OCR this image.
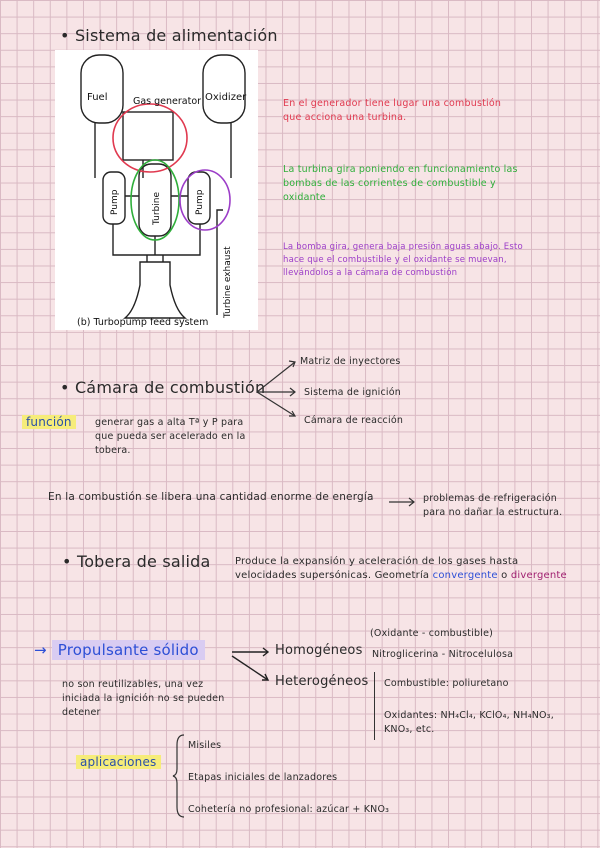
• Sistema de alimentación
Fuel	Oxidizer
Gas generator
Pump	Turbine	Pump
Turbine exhaust
(b) Turbopump feed system
En el generador tiene lugar una combustión que acciona una turbina.
La turbina gira poniendo en funcionamiento las bombas de las corrientes de combustible y oxidante
La bomba gira, genera baja presión aguas abajo. Esto hace que el combustible y el oxidante se muevan, llevándolos a la cámara de combustión
• Cámara de combustión
Matriz de inyectores
Sistema de ignición
Cámara de reacción
función	generar gas a alta Tª y P para que pueda ser acelerado en la tobera.
En la combustión se libera una cantidad enorme de energía	problemas de refrigeración para no dañar la estructura.
• Tobera de salida Produce la expansión y aceleración de los gases hasta
velocidades supersónicas. Geometría convergente o divergente
→ Propulsante sólido
no son reutilizables, una vez iniciada la ignición no se pueden detener
(Oxidante - combustible)
Homogéneos Nitroglicerina - Nitrocelulosa
Heterogéneos Combustible: poliuretano
Oxidantes: NH₄Cl₄, KClO₄, NH₄NO₃, KNO₃, etc.
aplicaciones
Misiles
Etapas iniciales de lanzadores
Cohetería no profesional: azúcar + KNO₃
